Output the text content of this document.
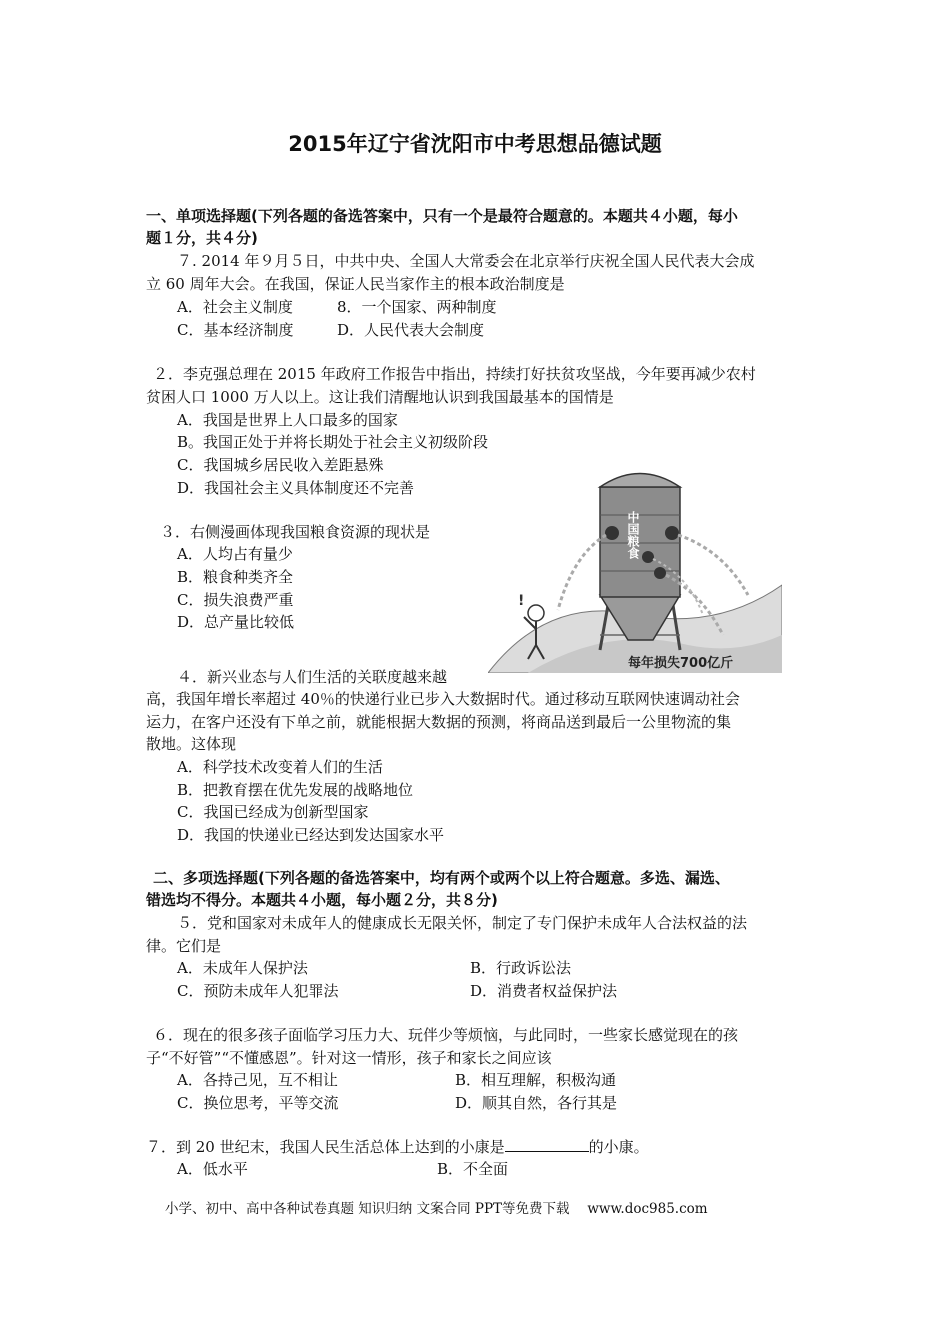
2015年辽宁省沈阳市中考思想品德试题
一、单项选择题(下列各题的备选答案中，只有一个是最符合题意的。本题共４小题，每小
题１分，共４分)
７. 2014 年９月５日，中共中央、全国人大常委会在北京举行庆祝全国人民代表大会成
立 60 周年大会。在我国，保证人民当家作主的根本政治制度是
A．社会主义制度	8．一个国家、两种制度
C．基本经济制度	D．人民代表大会制度
２．李克强总理在 2015 年政府工作报告中指出，持续打好扶贫攻坚战，今年要再减少农村
贫困人口 1000 万人以上。这让我们清醒地认识到我国最基本的国情是
A．我国是世界上人口最多的国家
B。我国正处于并将长期处于社会主义初级阶段
C．我国城乡居民收入差距悬殊
D．我国社会主义具体制度还不完善
３．右侧漫画体现我国粮食资源的现状是
A．人均占有量少
B．粮食种类齐全
C．损失浪费严重
D．总产量比较低
!
中国粮食
每年损失700亿斤
４．新兴业态与人们生活的关联度越来越
高，我国年增长率超过 40％的快递行业已步入大数据时代。通过移动互联网快速调动社会
运力，在客户还没有下单之前，就能根据大数据的预测，将商品送到最后一公里物流的集
散地。这体现
A．科学技术改变着人们的生活
B．把教育摆在优先发展的战略地位
C．我国已经成为创新型国家
D．我国的快递业已经达到发达国家水平
二、多项选择题(下列各题的备选答案中，均有两个或两个以上符合题意。多选、漏选、
错选均不得分。本题共４小题，每小题２分，共８分)
５．党和国家对未成年人的健康成长无限关怀，制定了专门保护未成年人合法权益的法
律。它们是
A．未成年人保护法	B．行政诉讼法
C．预防未成年人犯罪法	D．消费者权益保护法
６．现在的很多孩子面临学习压力大、玩伴少等烦恼，与此同时，一些家长感觉现在的孩
子“不好管”“不懂感恩”。针对这一情形，孩子和家长之间应该
A．各持己见，互不相让	B．相互理解，积极沟通
C．换位思考，平等交流	D．顺其自然，各行其是
７．到 20 世纪末，我国人民生活总体上达到的小康是	的小康。
A．低水平	B．不全面
小学、初中、高中各种试卷真题 知识归纳 文案合同 PPT等免费下载　 www.doc985.com
